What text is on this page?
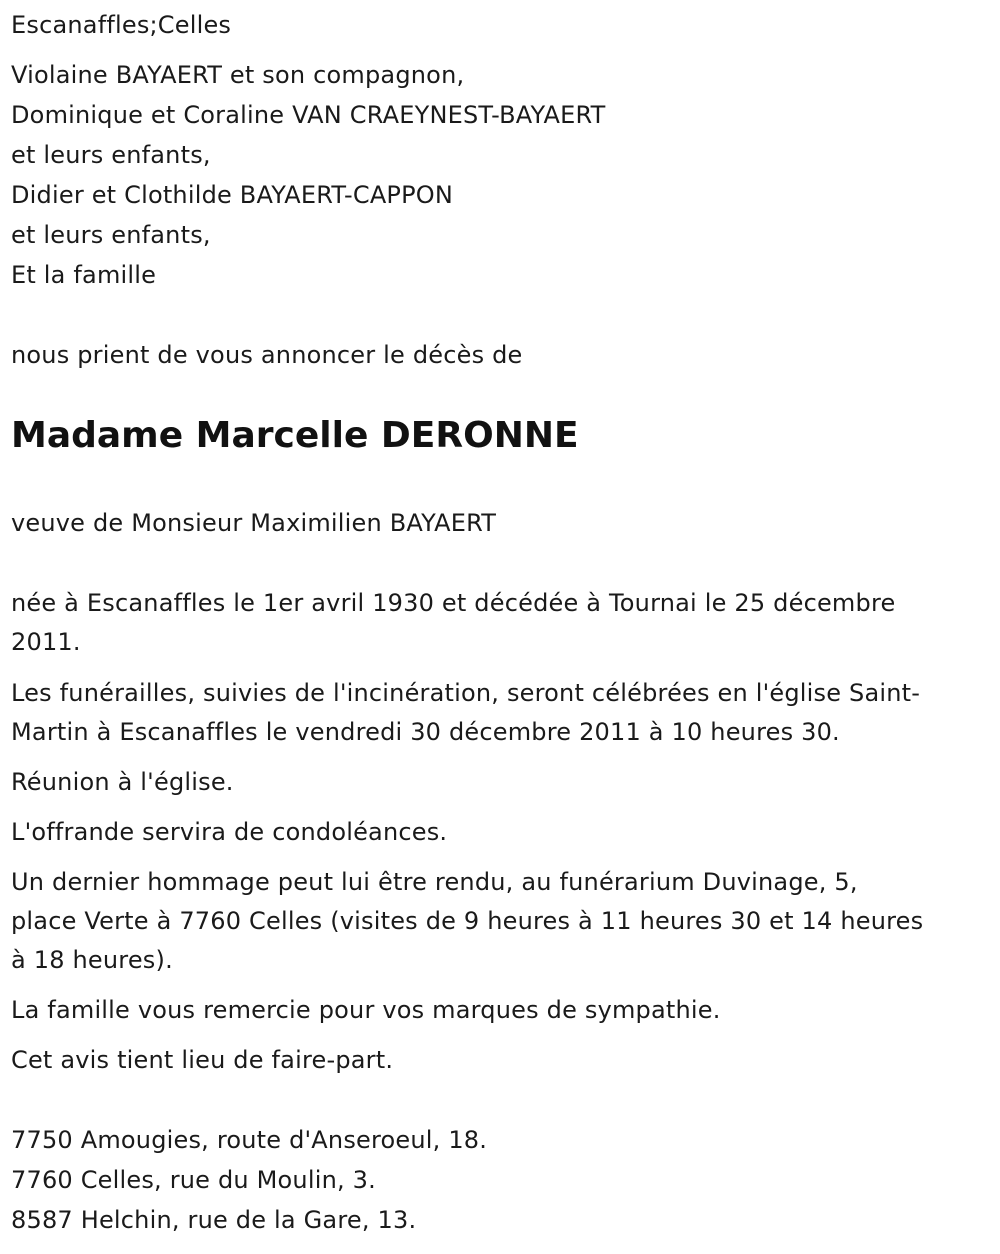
Escanaffles;Celles
Violaine BAYAERT et son compagnon,
Dominique et Coraline VAN CRAEYNEST-BAYAERT
et leurs enfants,
Didier et Clothilde BAYAERT-CAPPON
et leurs enfants,
Et la famille
nous prient de vous annoncer le décès de
Madame Marcelle DERONNE
veuve de Monsieur Maximilien BAYAERT
née à Escanaffles le 1er avril 1930 et décédée à Tournai le 25 décembre
2011.
Les funérailles, suivies de l'incinération, seront célébrées en l'église Saint-
Martin à Escanaffles le vendredi 30 décembre 2011 à 10 heures 30.
Réunion à l'église.
L'offrande servira de condoléances.
Un dernier hommage peut lui être rendu, au funérarium Duvinage, 5,
place Verte à 7760 Celles (visites de 9 heures à 11 heures 30 et 14 heures
à 18 heures).
La famille vous remercie pour vos marques de sympathie.
Cet avis tient lieu de faire-part.
7750 Amougies, route d'Anseroeul, 18.
7760 Celles, rue du Moulin, 3.
8587 Helchin, rue de la Gare, 13.
